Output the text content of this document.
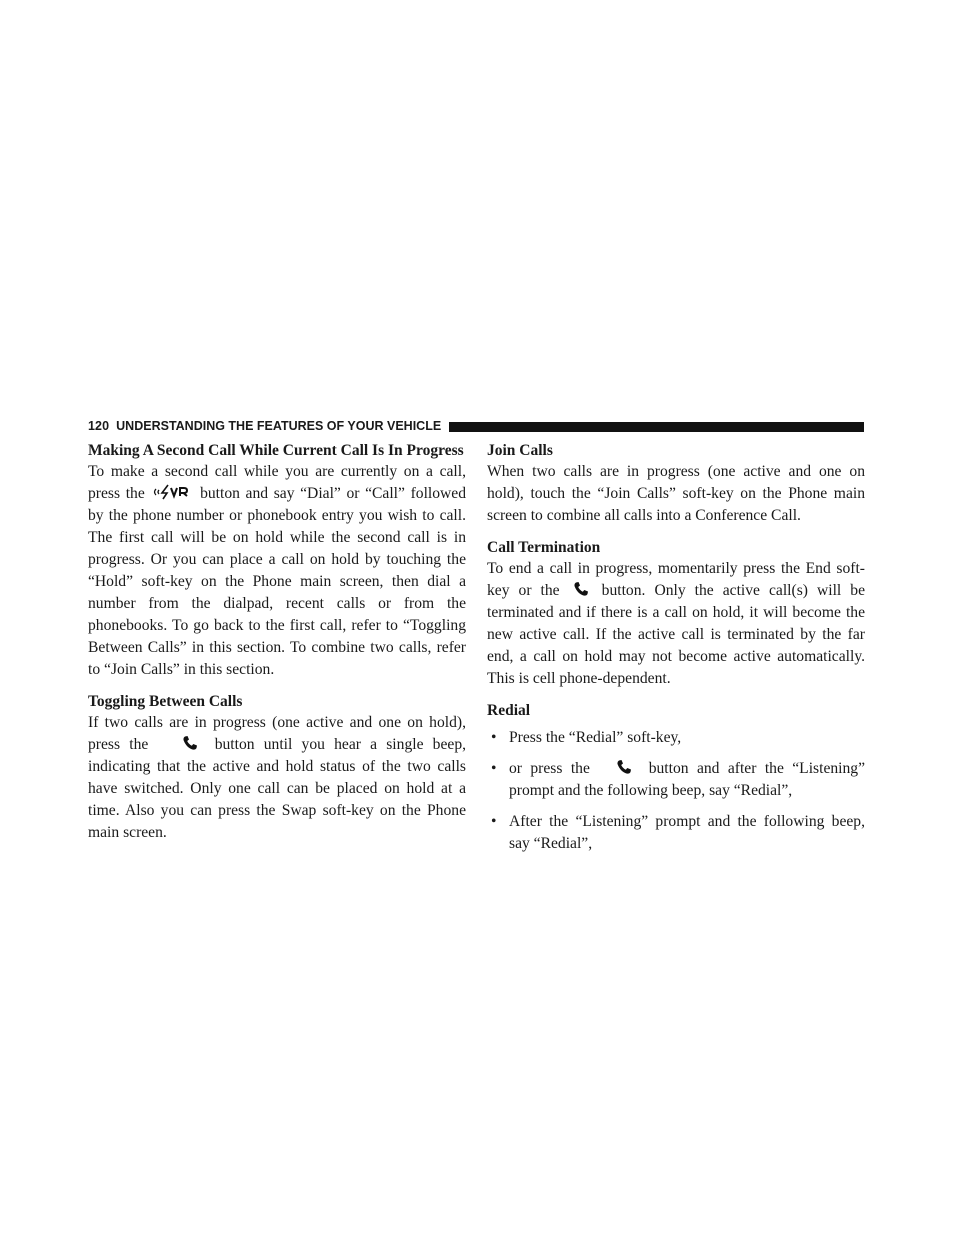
120 UNDERSTANDING THE FEATURES OF YOUR VEHICLE
Making A Second Call While Current Call Is In Progress

To make a second call while you are currently on a call, press the	button and say “Dial” or “Call” followed by the phone number or phonebook entry you wish to call. The first call will be on hold while the second call is in progress. Or you can place a call on hold by touching the “Hold” soft-key on the Phone main screen, then dial a number from the dialpad, recent calls or from the phonebooks. To go back to the first call, refer to “Toggling Between Calls” in this section. To combine two calls, refer to “Join Calls” in this section.

Toggling Between Calls

If two calls are in progress (one active and one on hold), press the	button until you hear a single beep, indicating that the active and hold status of the two calls have switched. Only one call can be placed on hold at a time. Also you can press the Swap soft-key on the Phone main screen.

Join Calls

When two calls are in progress (one active and one on hold), touch the “Join Calls” soft-key on the Phone main screen to combine all calls into a Conference Call.

Call Termination

To end a call in progress, momentarily press the End soft-key or the	button. Only the active call(s) will be terminated and if there is a call on hold, it will become the new active call. If the active call is terminated by the far end, a call on hold may not become active automatically. This is cell phone-dependent.

Redial
• Press the “Redial” soft-key,
• or press the	button and after the “Listening” prompt and the following beep, say “Redial”,
• After the “Listening” prompt and the following beep, say “Redial”,
